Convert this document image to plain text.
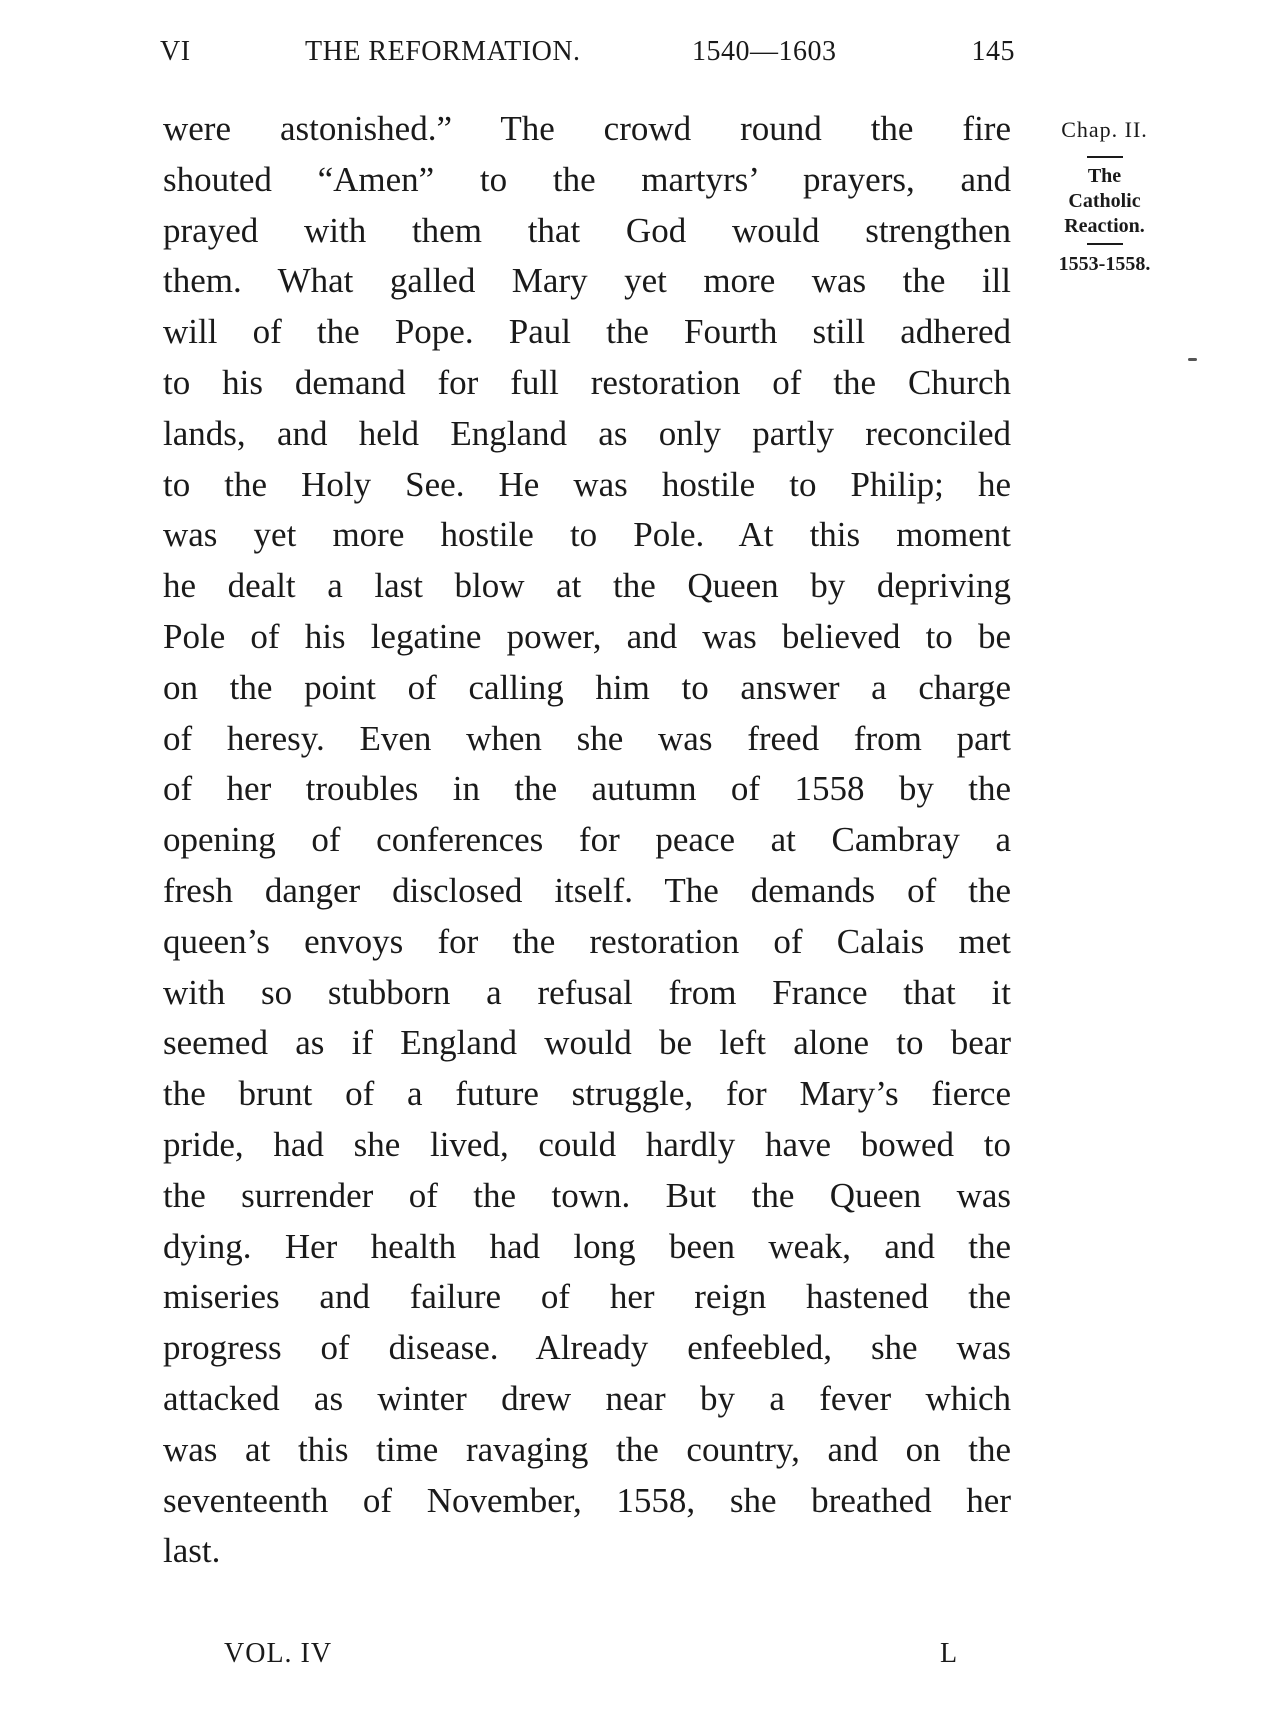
VI	THE REFORMATION.	1540—1603	145
were astonished.” The crowd round the fire
shouted “Amen” to the martyrs’ prayers, and
prayed with them that God would strengthen
them. What galled Mary yet more was the ill
will of the Pope. Paul the Fourth still adhered
to his demand for full restoration of the Church
lands, and held England as only partly reconciled
to the Holy See. He was hostile to Philip; he
was yet more hostile to Pole. At this moment
he dealt a last blow at the Queen by depriving
Pole of his legatine power, and was believed to be
on the point of calling him to answer a charge
of heresy. Even when she was freed from part
of her troubles in the autumn of 1558 by the
opening of conferences for peace at Cambray a
fresh danger disclosed itself. The demands of the
queen’s envoys for the restoration of Calais met
with so stubborn a refusal from France that it
seemed as if England would be left alone to bear
the brunt of a future struggle, for Mary’s fierce
pride, had she lived, could hardly have bowed to
the surrender of the town. But the Queen was
dying. Her health had long been weak, and the
miseries and failure of her reign hastened the
progress of disease. Already enfeebled, she was
attacked as winter drew near by a fever which
was at this time ravaging the country, and on the
seventeenth of November, 1558, she breathed her
last.
Chap. II.
The
Catholic
Reaction.
1553-1558.
VOL. IV	L
